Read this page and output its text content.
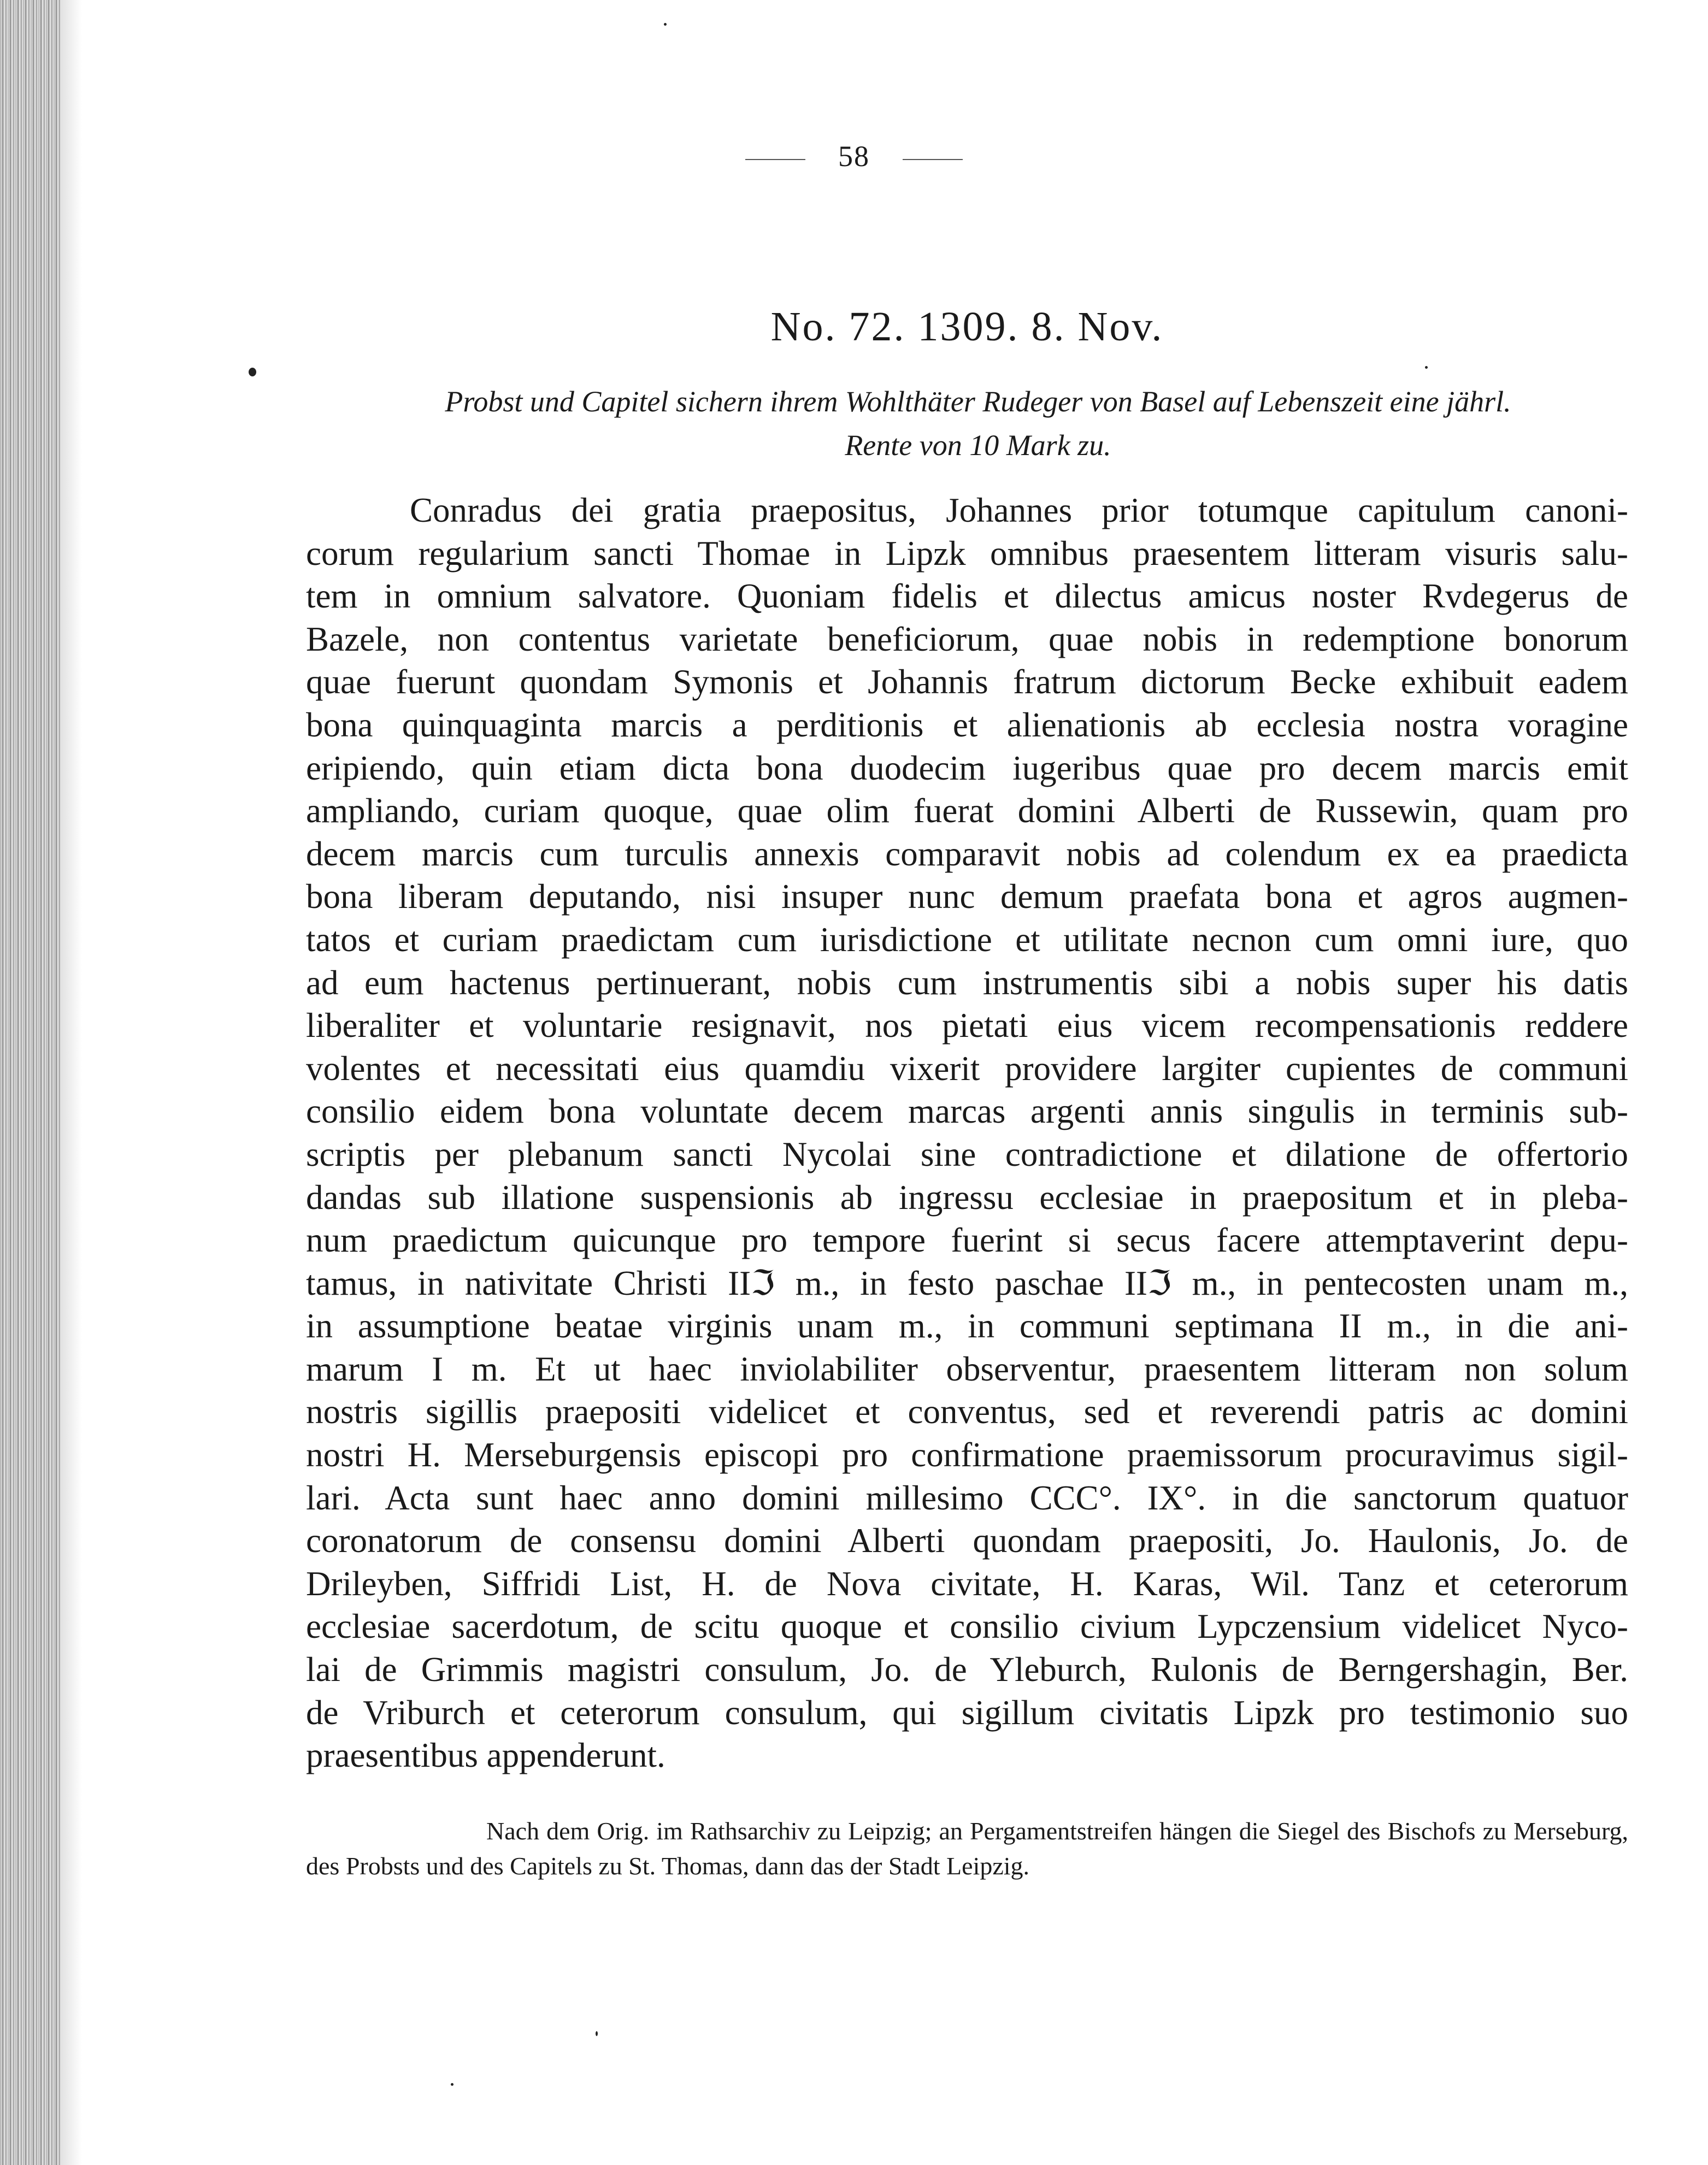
58
No. 72. 1309. 8. Nov.
Probst und Capitel sichern ihrem Wohlthäter Rudeger von Basel auf Lebenszeit eine jährl.
Rente von 10 Mark zu.
Conradus dei gratia praepositus, Johannes prior totumque capitulum canoni-
corum regularium sancti Thomae in Lipzk omnibus praesentem litteram visuris salu-
tem in omnium salvatore. Quoniam fidelis et dilectus amicus noster Rvdegerus de
Bazele, non contentus varietate beneficiorum, quae nobis in redemptione bonorum
quae fuerunt quondam Symonis et Johannis fratrum dictorum Becke exhibuit eadem
bona quinquaginta marcis a perditionis et alienationis ab ecclesia nostra voragine
eripiendo, quin etiam dicta bona duodecim iugeribus quae pro decem marcis emit
ampliando, curiam quoque, quae olim fuerat domini Alberti de Russewin, quam pro
decem marcis cum turculis annexis comparavit nobis ad colendum ex ea praedicta
bona liberam deputando, nisi insuper nunc demum praefata bona et agros augmen-
tatos et curiam praedictam cum iurisdictione et utilitate necnon cum omni iure, quo
ad eum hactenus pertinuerant, nobis cum instrumentis sibi a nobis super his datis
liberaliter et voluntarie resignavit, nos pietati eius vicem recompensationis reddere
volentes et necessitati eius quamdiu vixerit providere largiter cupientes de communi
consilio eidem bona voluntate decem marcas argenti annis singulis in terminis sub-
scriptis per plebanum sancti Nycolai sine contradictione et dilatione de offertorio
dandas sub illatione suspensionis ab ingressu ecclesiae in praepositum et in pleba-
num praedictum quicunque pro tempore fuerint si secus facere attemptaverint depu-
tamus, in nativitate Christi IIℑ m., in festo paschae IIℑ m., in pentecosten unam m.,
in assumptione beatae virginis unam m., in communi septimana II m., in die ani-
marum I m. Et ut haec inviolabiliter observentur, praesentem litteram non solum
nostris sigillis praepositi videlicet et conventus, sed et reverendi patris ac domini
nostri H. Merseburgensis episcopi pro confirmatione praemissorum procuravimus sigil-
lari. Acta sunt haec anno domini millesimo CCC°. IX°. in die sanctorum quatuor
coronatorum de consensu domini Alberti quondam praepositi, Jo. Haulonis, Jo. de
Drileyben, Siffridi List, H. de Nova civitate, H. Karas, Wil. Tanz et ceterorum
ecclesiae sacerdotum, de scitu quoque et consilio civium Lypczensium videlicet Nyco-
lai de Grimmis magistri consulum, Jo. de Yleburch, Rulonis de Berngershagin, Ber.
de Vriburch et ceterorum consulum, qui sigillum civitatis Lipzk pro testimonio suo
praesentibus appenderunt.
Nach dem Orig. im Rathsarchiv zu Leipzig; an Pergamentstreifen hängen die Siegel des Bischofs zu Merseburg, des Probsts und des Capitels zu St. Thomas, dann das der Stadt Leipzig.
